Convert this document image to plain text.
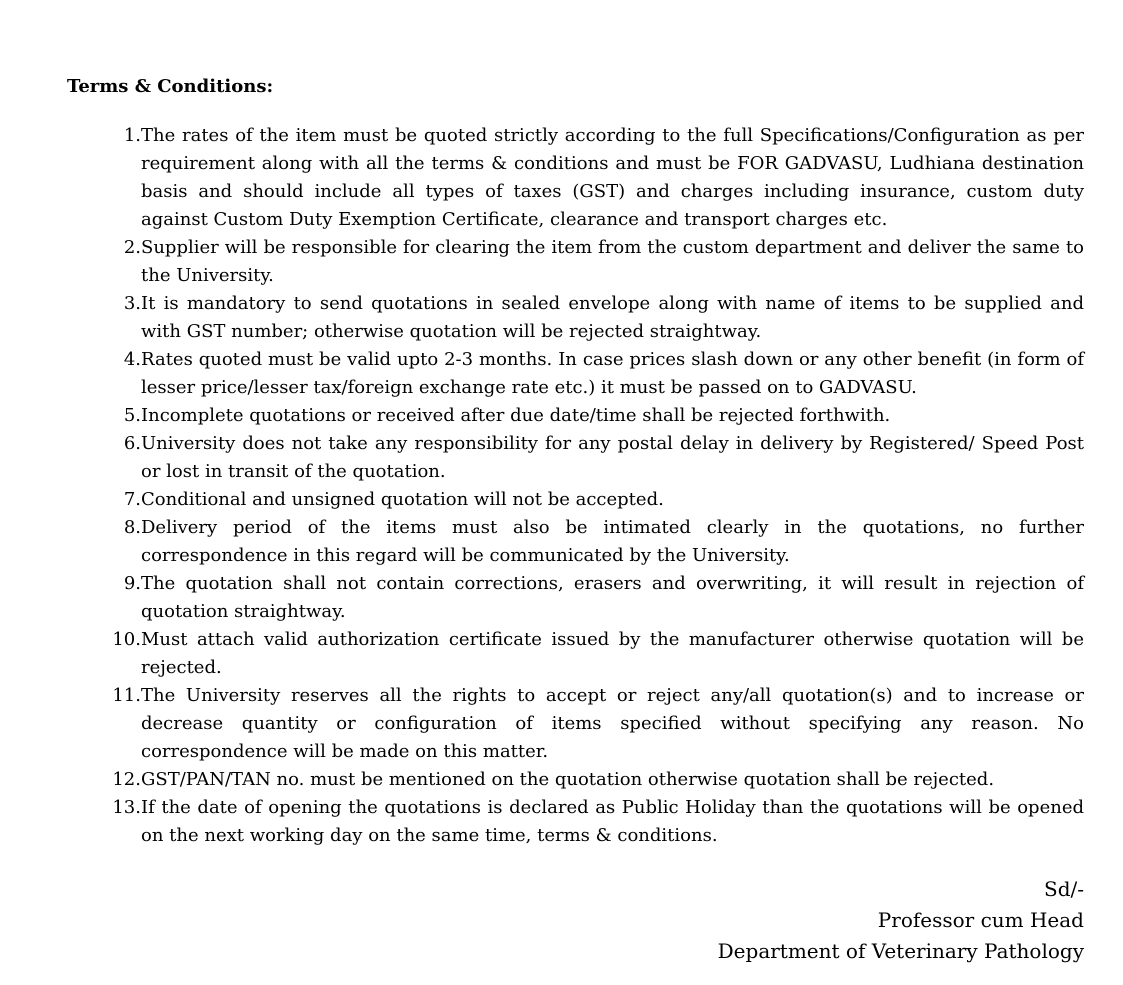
Terms & Conditions:
1. The rates of the item must be quoted strictly according to the full Specifications/Configuration as per requirement along with all the terms & conditions and must be FOR GADVASU, Ludhiana destination basis and should include all types of taxes (GST) and charges including insurance, custom duty against Custom Duty Exemption Certificate, clearance and transport charges etc.
2. Supplier will be responsible for clearing the item from the custom department and deliver the same to the University.
3. It is mandatory to send quotations in sealed envelope along with name of items to be supplied and with GST number; otherwise quotation will be rejected straightway.
4. Rates quoted must be valid upto 2-3 months. In case prices slash down or any other benefit (in form of lesser price/lesser tax/foreign exchange rate etc.) it must be passed on to GADVASU.
5. Incomplete quotations or received after due date/time shall be rejected forthwith.
6. University does not take any responsibility for any postal delay in delivery by Registered/ Speed Post or lost in transit of the quotation.
7. Conditional and unsigned quotation will not be accepted.
8. Delivery period of the items must also be intimated clearly in the quotations, no further correspondence in this regard will be communicated by the University.
9. The quotation shall not contain corrections, erasers and overwriting, it will result in rejection of quotation straightway.
10. Must attach valid authorization certificate issued by the manufacturer otherwise quotation will be rejected.
11. The University reserves all the rights to accept or reject any/all quotation(s) and to increase or decrease quantity or configuration of items specified without specifying any reason. No correspondence will be made on this matter.
12. GST/PAN/TAN no. must be mentioned on the quotation otherwise quotation shall be rejected.
13. If the date of opening the quotations is declared as Public Holiday than the quotations will be opened on the next working day on the same time, terms & conditions.
Sd/-
Professor cum Head
Department of Veterinary Pathology
